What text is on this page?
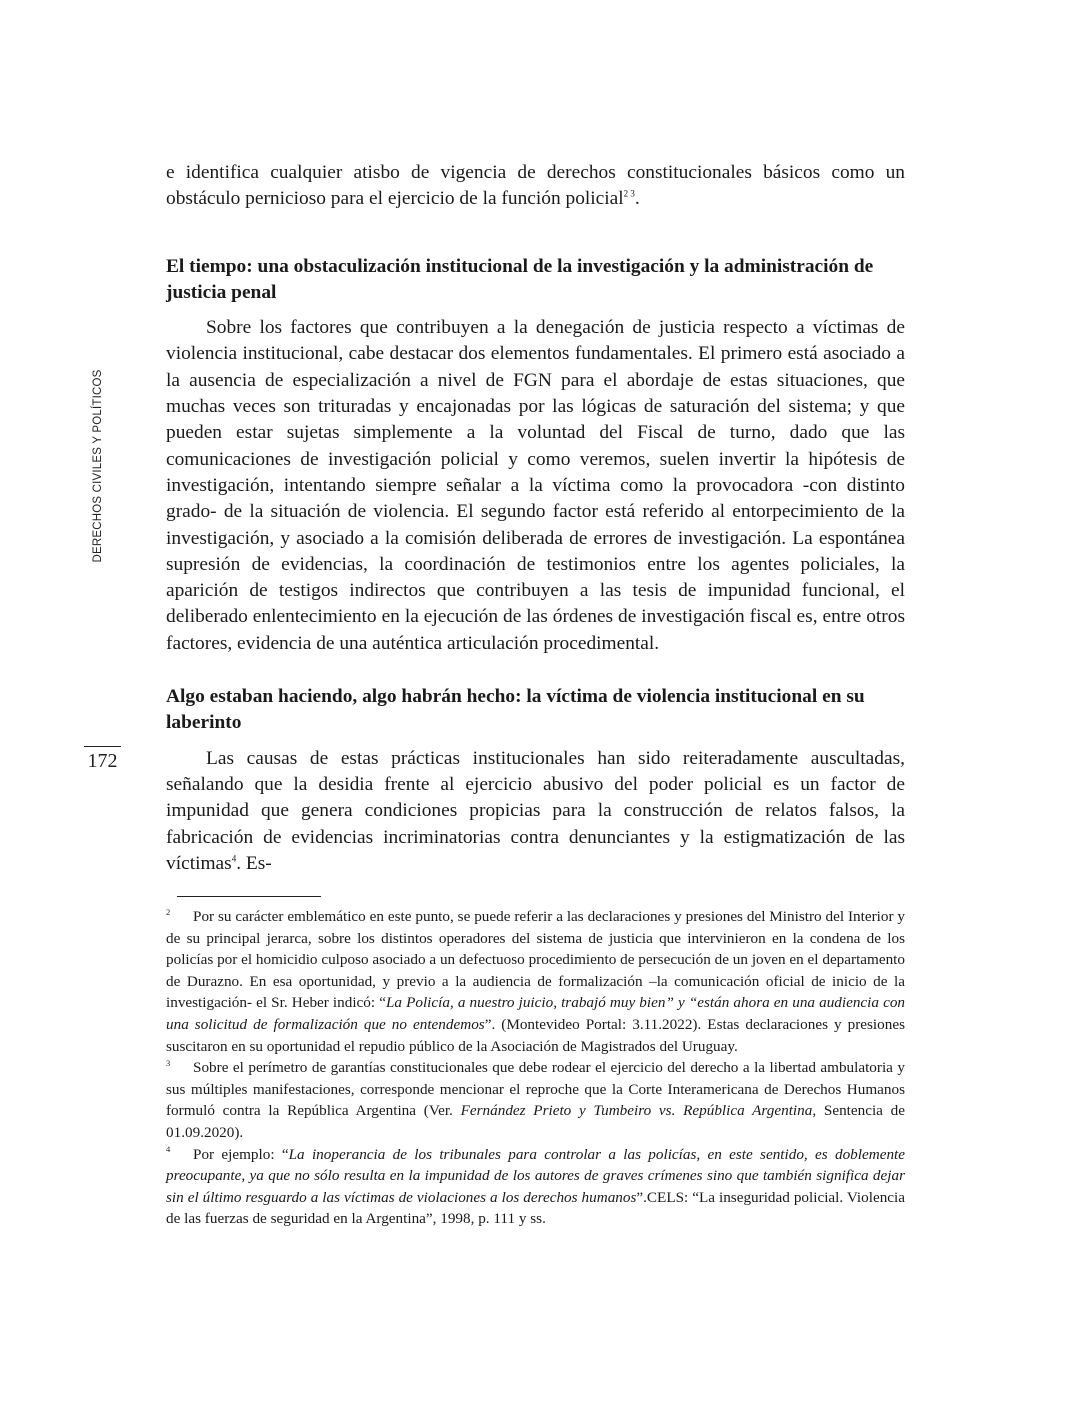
DERECHOS CIVILES Y POLÍTICOS
172

e identifica cualquier atisbo de vigencia de derechos constitucionales básicos como un obstáculo pernicioso para el ejercicio de la función policial$^{2 3}$.

El tiempo: una obstaculización institucional de la investigación y la administración de justicia penal

Sobre los factores que contribuyen a la denegación de justicia respecto a víctimas de violencia institucional, cabe destacar dos elementos fundamentales. El primero está asociado a la ausencia de especialización a nivel de FGN para el abordaje de estas situaciones, que muchas veces son trituradas y encajonadas por las lógicas de saturación del sistema; y que pueden estar sujetas simplemente a la voluntad del Fiscal de turno, dado que las comunicaciones de investigación policial y como veremos, suelen invertir la hipótesis de investigación, intentando siempre señalar a la víctima como la provocadora -con distinto grado- de la situación de violencia. El segundo factor está referido al entorpecimiento de la investigación, y asociado a la comisión deliberada de errores de investigación. La espontánea supresión de evidencias, la coordinación de testimonios entre los agentes policiales, la aparición de testigos indirectos que contribuyen a las tesis de impunidad funcional, el deliberado enlentecimiento en la ejecución de las órdenes de investigación fiscal es, entre otros factores, evidencia de una auténtica articulación procedimental.

Algo estaban haciendo, algo habrán hecho: la víctima de violencia institucional en su laberinto

Las causas de estas prácticas institucionales han sido reiteradamente auscultadas, señalando que la desidia frente al ejercicio abusivo del poder policial es un factor de impunidad que genera condiciones propicias para la construcción de relatos falsos, la fabricación de evidencias incriminatorias contra denunciantes y la estigmatización de las víctimas$^4$. Es-

2 Por su carácter emblemático en este punto, se puede referir a las declaraciones y presiones del Ministro del Interior y de su principal jerarca, sobre los distintos operadores del sistema de justicia que intervinieron en la condena de los policías por el homicidio culposo asociado a un defectuoso procedimiento de persecución de un joven en el departamento de Durazno. En esa oportunidad, y previo a la audiencia de formalización –la comunicación oficial de inicio de la investigación- el Sr. Heber indicó: “La Policía, a nuestro juicio, trabajó muy bien” y “están ahora en una audiencia con una solicitud de formalización que no entendemos”. (Montevideo Portal: 3.11.2022). Estas declaraciones y presiones suscitaron en su oportunidad el repudio público de la Asociación de Magistrados del Uruguay.

3 Sobre el perímetro de garantías constitucionales que debe rodear el ejercicio del derecho a la libertad ambulatoria y sus múltiples manifestaciones, corresponde mencionar el reproche que la Corte Interamericana de Derechos Humanos formuló contra la República Argentina (Ver. Fernández Prieto y Tumbeiro vs. República Argentina, Sentencia de 01.09.2020).

4 Por ejemplo: “La inoperancia de los tribunales para controlar a las policías, en este sentido, es doblemente preocupante, ya que no sólo resulta en la impunidad de los autores de graves crímenes sino que también significa dejar sin el último resguardo a las víctimas de violaciones a los derechos humanos”.CELS: “La inseguridad policial. Violencia de las fuerzas de seguridad en la Argentina”, 1998, p. 111 y ss.
